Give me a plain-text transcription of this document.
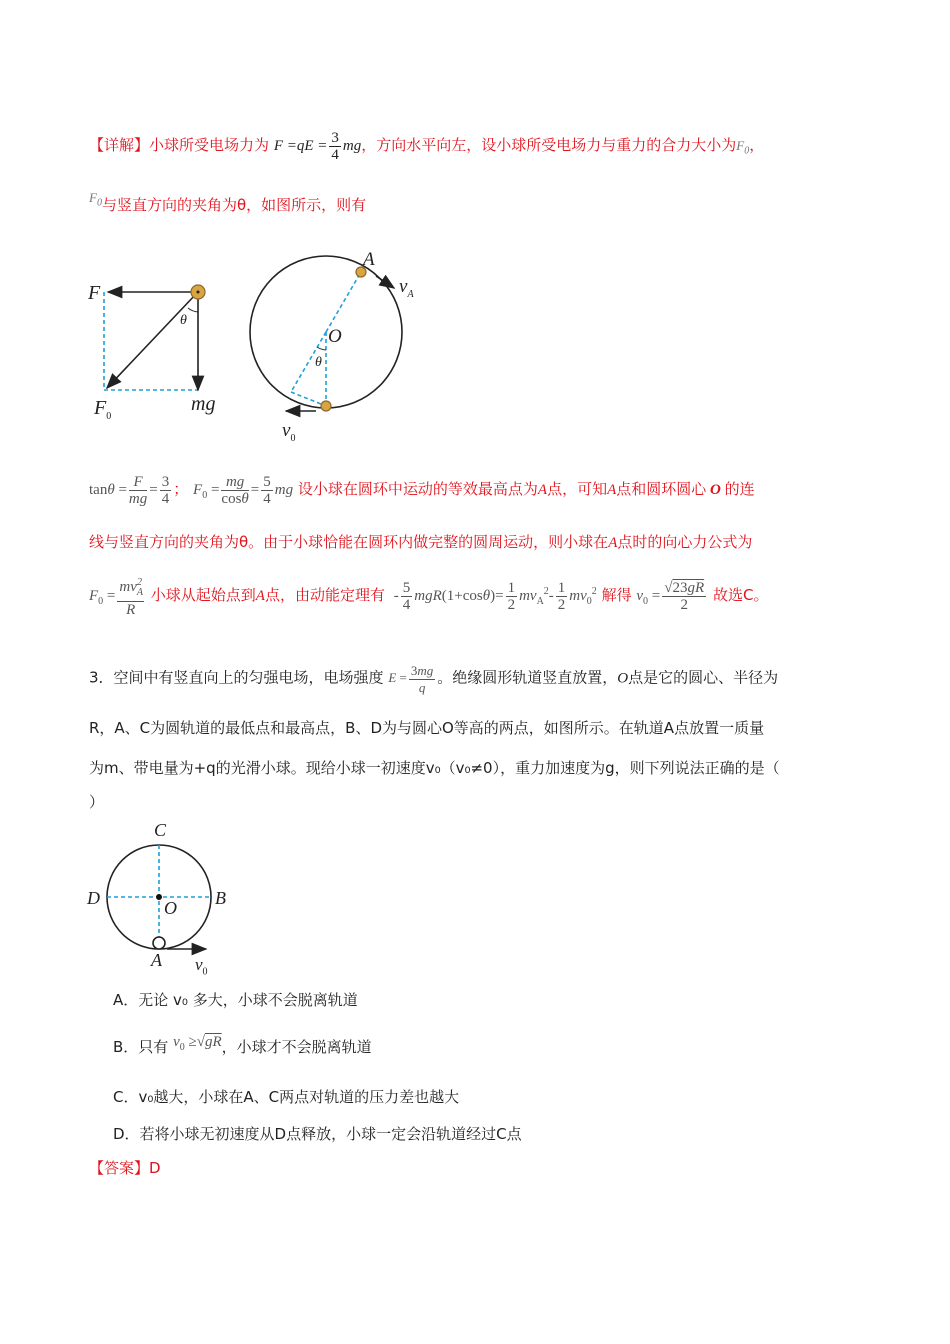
【详解】小球所受电场力为 $F =qE = \frac{3}{4}$ mg，方向水平向左，设小球所受电场力与重力的合力大小为$F_0$，
$F_0$与竖直方向的夹角为θ，如图所示，则有
F
θ
$F_0$
mg
A
$v_A$
O
θ
$v_0$
$\tan\theta = \frac{F}{mg} = \frac{3}{4}$ ； $F_0 = \frac{mg}{\cos\theta} = \frac{5}{4}$ mg 设小球在圆环中运动的等效最高点为A点，可知A点和圆环圆心 O 的连
线与竖直方向的夹角为θ。由于小球恰能在圆环内做完整的圆周运动，则小球在A点时的向心力公式为
$F_0 = \frac{mv_A^2}{R}$ 小球从起始点到A点，由动能定理有 - $\frac{5}{4} mgR(1+\cos\theta)= \frac{1}{2} mv_A^2- \frac{1}{2} mv_0^2$ 解得 $v_0 = \frac{√23gR}{2}$ 故选C。
3．空间中有竖直向上的匀强电场，电场强度 $E = \frac{3mg}{q}$ 。绝缘圆形轨道竖直放置，O点是它的圆心、半径为
R，A、C为圆轨道的最低点和最高点，B、D为与圆心O等高的两点，如图所示。在轨道A点放置一质量
为m、带电量为+q的光滑小球。现给小球一初速度v₀（v₀≠0），重力加速度为g，则下列说法正确的是（
）
C
D	B
O
A $v_0$
A．无论 v₀ 多大，小球不会脱离轨道
B．只有 $v_0 \ge√gR$，小球才不会脱离轨道
C．v₀越大，小球在A、C两点对轨道的压力差也越大
D．若将小球无初速度从D点释放，小球一定会沿轨道经过C点
【答案】D
